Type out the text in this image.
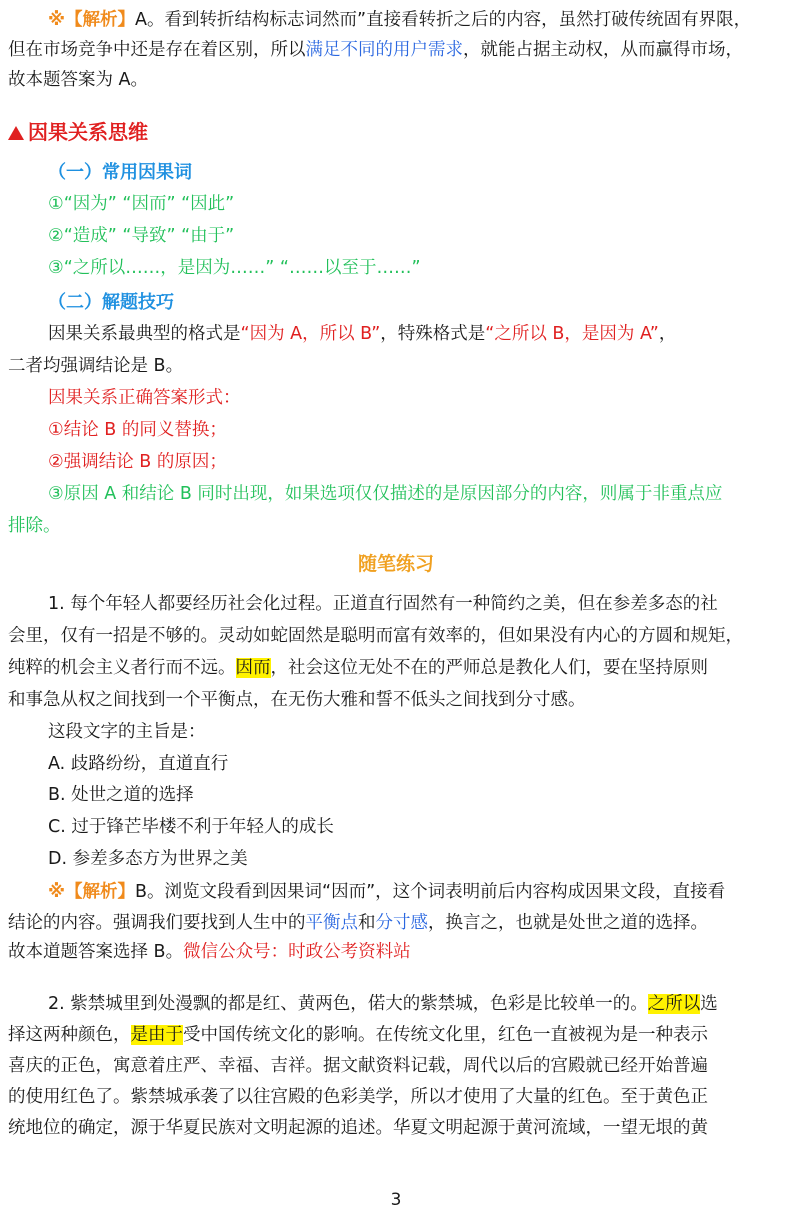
※【解析】A。看到转折结构标志词然而”直接看转折之后的内容，虽然打破传统固有界限，
但在市场竞争中还是存在着区别，所以满足不同的用户需求，就能占据主动权，从而赢得市场，
故本题答案为 A。
因果关系思维
（一）常用因果词
①“因为” “因而” “因此”
②“造成” “导致” “由于”
③“之所以……，是因为……” “……以至于……”
（二）解题技巧
因果关系最典型的格式是“因为 A，所以 B”，特殊格式是“之所以 B，是因为 A”，
二者均强调结论是 B。
因果关系正确答案形式：
①结论 B 的同义替换；
②强调结论 B 的原因；
③原因 A 和结论 B 同时出现，如果选项仅仅描述的是原因部分的内容，则属于非重点应
排除。
随笔练习
1. 每个年轻人都要经历社会化过程。正道直行固然有一种简约之美，但在参差多态的社
会里，仅有一招是不够的。灵动如蛇固然是聪明而富有效率的，但如果没有内心的方圆和规矩，
纯粹的机会主义者行而不远。因而，社会这位无处不在的严师总是教化人们，要在坚持原则
和事急从权之间找到一个平衡点，在无伤大雅和誓不低头之间找到分寸感。
这段文字的主旨是：
A. 歧路纷纷，直道直行
B. 处世之道的选择
C. 过于锋芒毕楼不利于年轻人的成长
D. 参差多态方为世界之美
※【解析】B。浏览文段看到因果词“因而”，这个词表明前后内容构成因果文段，直接看
结论的内容。强调我们要找到人生中的平衡点和分寸感，换言之，也就是处世之道的选择。
故本道题答案选择 B。微信公众号：时政公考资料站
2. 紫禁城里到处漫飘的都是红、黄两色，偌大的紫禁城，色彩是比较单一的。之所以选
择这两种颜色，是由于受中国传统文化的影响。在传统文化里，红色一直被视为是一种表示
喜庆的正色，寓意着庄严、幸福、吉祥。据文献资料记载，周代以后的宫殿就已经开始普遍
的使用红色了。紫禁城承袭了以往宫殿的色彩美学，所以才使用了大量的红色。至于黄色正
统地位的确定，源于华夏民族对文明起源的追述。华夏文明起源于黄河流域，一望无垠的黄
3
